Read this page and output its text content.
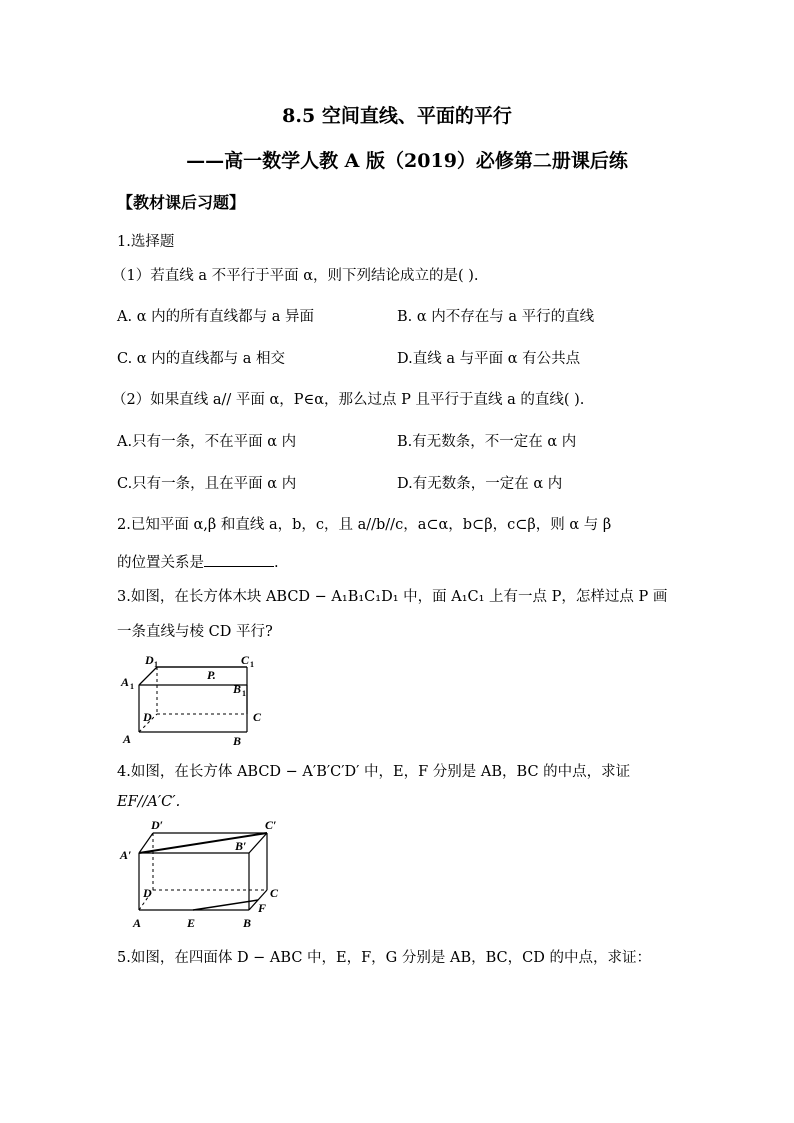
8.5 空间直线、平面的平行
——高一数学人教 A 版（2019）必修第二册课后练
【教材课后习题】
1.选择题
（1）若直线 a 不平行于平面 α，则下列结论成立的是( ).
A. α 内的所有直线都与 a 异面	B. α 内不存在与 a 平行的直线
C. α 内的直线都与 a 相交	D.直线 a 与平面 α 有公共点
（2）如果直线 a// 平面 α，P∈α，那么过点 P 且平行于直线 a 的直线( ).
A.只有一条，不在平面 α 内	B.有无数条，不一定在 α 内
C.只有一条，且在平面 α 内	D.有无数条，一定在 α 内
2.已知平面 α,β 和直线 a，b，c，且 a//b//c，a⊂α，b⊂β，c⊂β，则 α 与 β
的位置关系是	.
3.如图，在长方体木块 ABCD − A₁B₁C₁D₁ 中，面 A₁C₁ 上有一点 P，怎样过点 P 画
一条直线与棱 CD 平行?
D 1	C 1
A 1
P.
B 1
D	C
A	B
4.如图，在长方体 ABCD − A′B′C′D′ 中，E，F 分别是 AB，BC 的中点，求证
EF//A′C′.
D′	C′
A′
B′
D	C
F
A	E	B
5.如图，在四面体 D − ABC 中，E，F，G 分别是 AB，BC，CD 的中点，求证：
